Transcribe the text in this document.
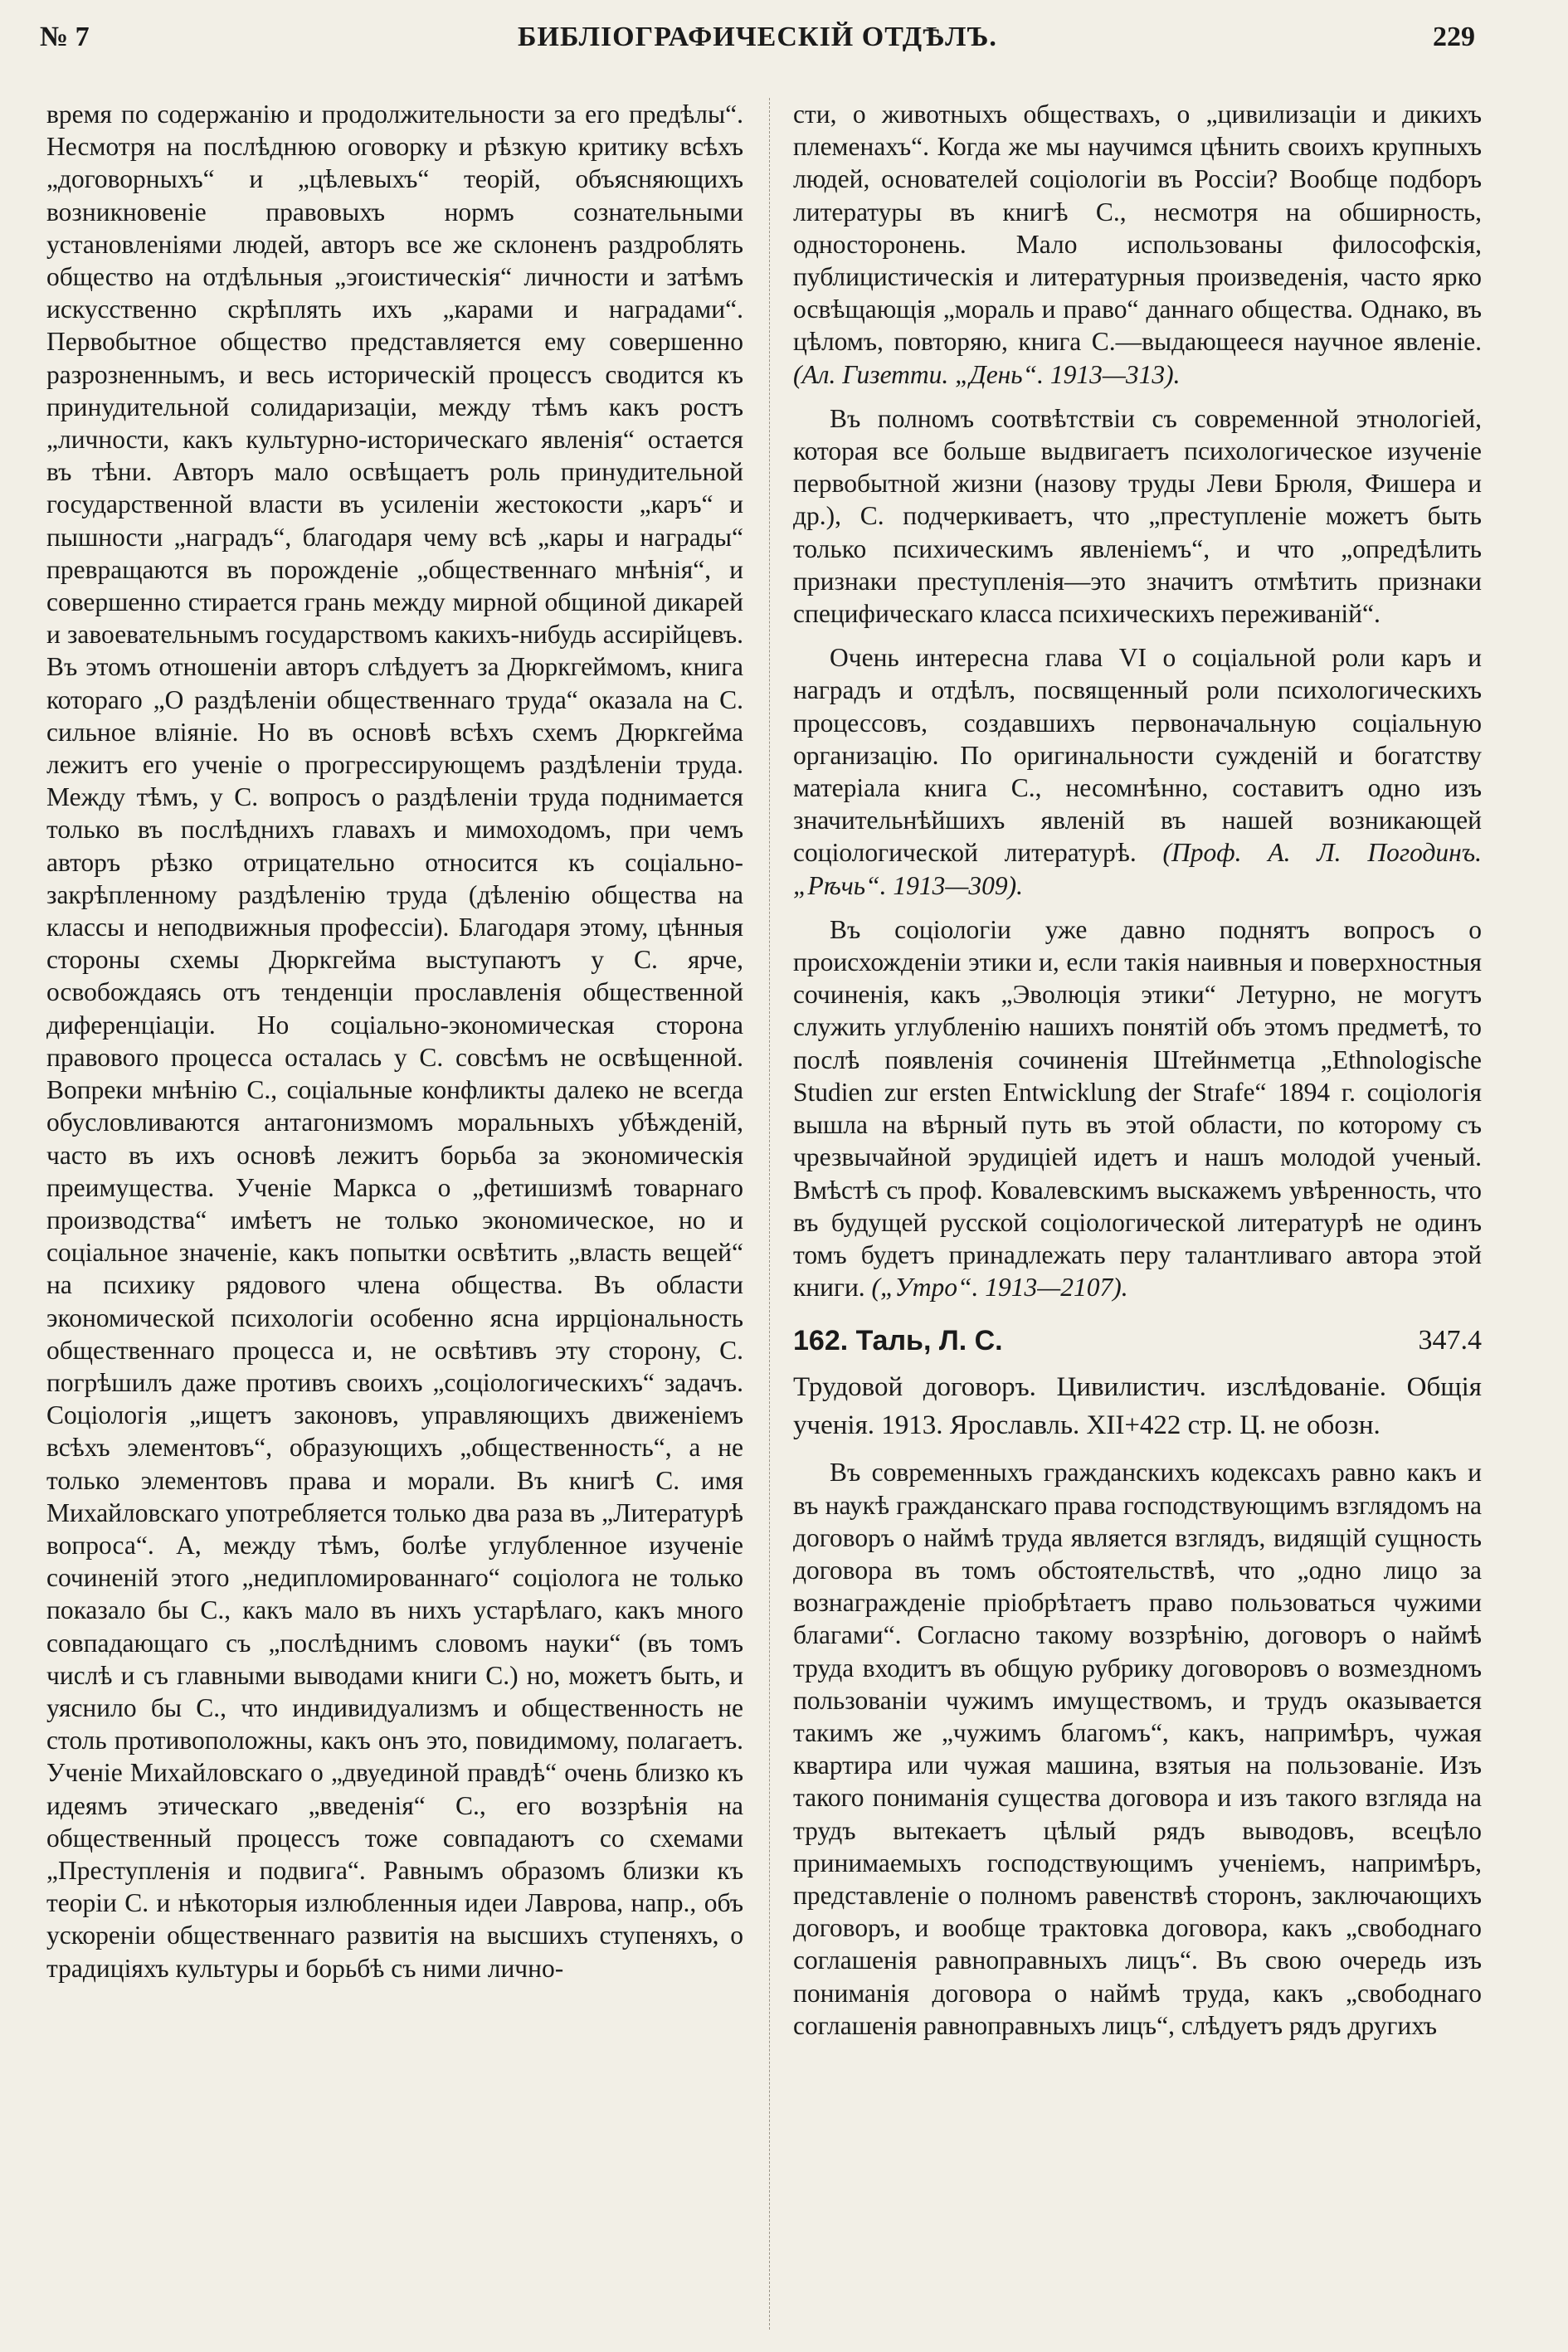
№ 7	БИБЛIОГРАФИЧЕСКIЙ ОТДѢЛЪ.	229

время по содержанію и продолжительности за его предѣлы“. Несмотря на послѣднюю оговорку и рѣзкую критику всѣхъ „договорныхъ“ и „цѣлевыхъ“ теорій, объясняющихъ возникновеніе правовыхъ нормъ сознательными установленіями людей, авторъ все же склоненъ раздроблять общество на отдѣльныя „эгоистическія“ личности и затѣмъ искусственно скрѣплять ихъ „карами и наградами“. Первобытное общество представляется ему совершенно разрозненнымъ, и весь историческій процессъ сводится къ принудительной солидаризаціи, между тѣмъ какъ ростъ „личности, какъ культурно-историческаго явленія“ остается въ тѣни. Авторъ мало освѣщаетъ роль принудительной государственной власти въ усиленіи жестокости „каръ“ и пышности „наградъ“, благодаря чему всѣ „кары и награды“ превращаются въ порожденіе „общественнаго мнѣнія“, и совершенно стирается грань между мирной общиной дикарей и завоевательнымъ государствомъ какихъ-нибудь ассирійцевъ. Въ этомъ отношеніи авторъ слѣдуетъ за Дюркгеймомъ, книга котораго „О раздѣленіи общественнаго труда“ оказала на С. сильное вліяніе. Но въ основѣ всѣхъ схемъ Дюркгейма лежитъ его ученіе о прогрессирующемъ раздѣленіи труда. Между тѣмъ, у С. вопросъ о раздѣленіи труда поднимается только въ послѣднихъ главахъ и мимоходомъ, при чемъ авторъ рѣзко отрицательно относится къ соціально-закрѣпленному раздѣленію труда (дѣленію общества на классы и неподвижныя профессіи). Благодаря этому, цѣнныя стороны схемы Дюркгейма выступаютъ у С. ярче, освобождаясь отъ тенденціи прославленія общественной диференціаціи. Но соціально-экономическая сторона правового процесса осталась у С. совсѣмъ не освѣщенной. Вопреки мнѣнію С., соціальные конфликты далеко не всегда обусловливаются антагонизмомъ моральныхъ убѣжденій, часто въ ихъ основѣ лежитъ борьба за экономическія преимущества. Ученіе Маркса о „фетишизмѣ товарнаго производства“ имѣетъ не только экономическое, но и соціальное значеніе, какъ попытки освѣтить „власть вещей“ на психику рядового члена общества. Въ области экономической психологіи особенно ясна иррціональность общественнаго процесса и, не освѣтивъ эту сторону, С. погрѣшилъ даже противъ своихъ „соціологическихъ“ задачъ. Соціологія „ищетъ законовъ, управляющихъ движеніемъ всѣхъ элементовъ“, образующихъ „общественность“, а не только элементовъ права и морали. Въ книгѣ С. имя Михайловскаго употребляется только два раза въ „Литературѣ вопроса“. А, между тѣмъ, болѣе углубленное изученіе сочиненій этого „недипломированнаго“ соціолога не только показало бы С., какъ мало въ нихъ устарѣлаго, какъ много совпадающаго съ „послѣднимъ словомъ науки“ (въ томъ числѣ и съ главными выводами книги С.) но, можетъ быть, и уяснило бы С., что индивидуализмъ и общественность не столь противоположны, какъ онъ это, повидимому, полагаетъ. Ученіе Михайловскаго о „двуединой правдѣ“ очень близко къ идеямъ этическаго „введенія“ С., его воззрѣнія на общественный процессъ тоже совпадаютъ со схемами „Преступленія и подвига“. Равнымъ образомъ близки къ теоріи С. и нѣкоторыя излюбленныя идеи Лаврова, напр., объ ускореніи общественнаго развитія на высшихъ ступеняхъ, о традиціяхъ культуры и борьбѣ съ ними лично-

сти, о животныхъ обществахъ, о „цивилизаціи и дикихъ племенахъ“. Когда же мы научимся цѣнить своихъ крупныхъ людей, основателей соціологіи въ Россіи? Вообще подборъ литературы въ книгѣ С., несмотря на обширность, односторонень. Мало использованы философскія, публицистическія и литературныя произведенія, часто ярко освѣщающія „мораль и право“ даннаго общества. Однако, въ цѣломъ, повторяю, книга С.—выдающееся научное явленіе. (Ал. Гизетти. „День“. 1913—313).

Въ полномъ соотвѣтствіи съ современной этнологіей, которая все больше выдвигаетъ психологическое изученіе первобытной жизни (назову труды Леви Брюля, Фишера и др.), С. подчеркиваетъ, что „преступленіе можетъ быть только психическимъ явленіемъ“, и что „опредѣлить признаки преступленія—это значитъ отмѣтить признаки специфическаго класса психическихъ переживаній“.

Очень интересна глава VI о соціальной роли каръ и наградъ и отдѣлъ, посвященный роли психологическихъ процессовъ, создавшихъ первоначальную соціальную организацію. По оригинальности сужденій и богатству матеріала книга С., несомнѣнно, составитъ одно изъ значительнѣйшихъ явленій въ нашей возникающей соціологической литературѣ. (Проф. А. Л. Погодинъ. „Рѣчь“. 1913—309).

Въ соціологіи уже давно поднятъ вопросъ о происхожденіи этики и, если такія наивныя и поверхностныя сочиненія, какъ „Эволюція этики“ Летурно, не могутъ служить углубленію нашихъ понятій объ этомъ предметѣ, то послѣ появленія сочиненія Штейнметца „Ethnologische Studien zur ersten Entwicklung der Strafe“ 1894 г. соціологія вышла на вѣрный путь въ этой области, по которому съ чрезвычайной эрудиціей идетъ и нашъ молодой ученый. Вмѣстѣ съ проф. Ковалевскимъ выскажемъ увѣренность, что въ будущей русской соціологической литературѣ не одинъ томъ будетъ принадлежать перу талантливаго автора этой книги. („Утро“. 1913—2107).

162. Таль, Л. С.	347.4

Трудовой договоръ. Цивилистич. изслѣдованіе. Общія ученія. 1913. Ярославль. XII+422 стр. Ц. не обозн.

Въ современныхъ гражданскихъ кодексахъ равно какъ и въ наукѣ гражданскаго права господствующимъ взглядомъ на договоръ о наймѣ труда является взглядъ, видящій сущность договора въ томъ обстоятельствѣ, что „одно лицо за вознагражденіе пріобрѣтаетъ право пользоваться чужими благами“. Согласно такому воззрѣнію, договоръ о наймѣ труда входитъ въ общую рубрику договоровъ о возмездномъ пользованіи чужимъ имуществомъ, и трудъ оказывается такимъ же „чужимъ благомъ“, какъ, напримѣръ, чужая квартира или чужая машина, взятыя на пользованіе. Изъ такого пониманія существа договора и изъ такого взгляда на трудъ вытекаетъ цѣлый рядъ выводовъ, всецѣло принимаемыхъ господствующимъ ученіемъ, напримѣръ, представленіе о полномъ равенствѣ сторонъ, заключающихъ договоръ, и вообще трактовка договора, какъ „свободнаго соглашенія равноправныхъ лицъ“. Въ свою очередь изъ пониманія договора о наймѣ труда, какъ „свободнаго соглашенія равноправныхъ лицъ“, слѣдуетъ рядъ другихъ
